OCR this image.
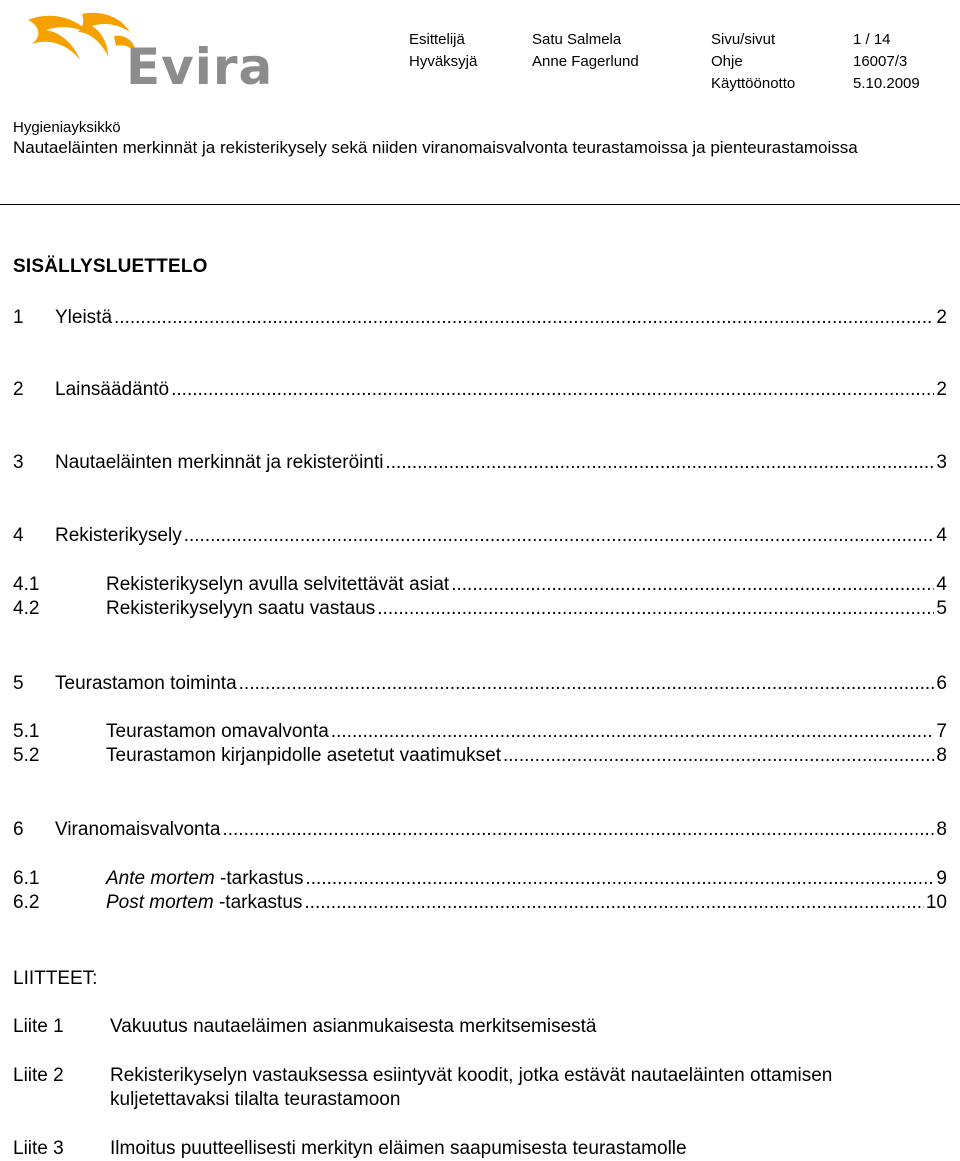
Evira	Esittelijä	Satu Salmela	Sivu/sivut	1 / 14
Hyväksyjä	Anne Fagerlund	Ohje	16007/3
Käyttöönotto	5.10.2009
Hygieniayksikkö
Nautaeläinten merkinnät ja rekisterikysely sekä niiden viranomaisvalvonta teurastamoissa ja pienteurastamoissa
SISÄLLYSLUETTELO
1 Yleistä .....	2
2 Lainsäädäntö .....	2
3 Nautaeläinten merkinnät ja rekisteröinti .....	3
4 Rekisterikysely .....	4
4.1	Rekisterikyselyn avulla selvitettävät asiat .....	4
4.2	Rekisterikyselyyn saatu vastaus .....	5
5 Teurastamon toiminta .....	6
5.1	Teurastamon omavalvonta .....	7
5.2	Teurastamon kirjanpidolle asetetut vaatimukset .....	8
6 Viranomaisvalvonta .....	8
6.1	Ante mortem -tarkastus .....	9
6.2	Post mortem -tarkastus .....	10
LIITTEET:
Liite 1 Vakuutus nautaeläimen asianmukaisesta merkitsemisestä
Liite 2 Rekisterikyselyn vastauksessa esiintyvät koodit, jotka estävät nautaeläinten ottamisen kuljetettavaksi tilalta teurastamoon
Liite 3 Ilmoitus puutteellisesti merkityn eläimen saapumisesta teurastamolle
